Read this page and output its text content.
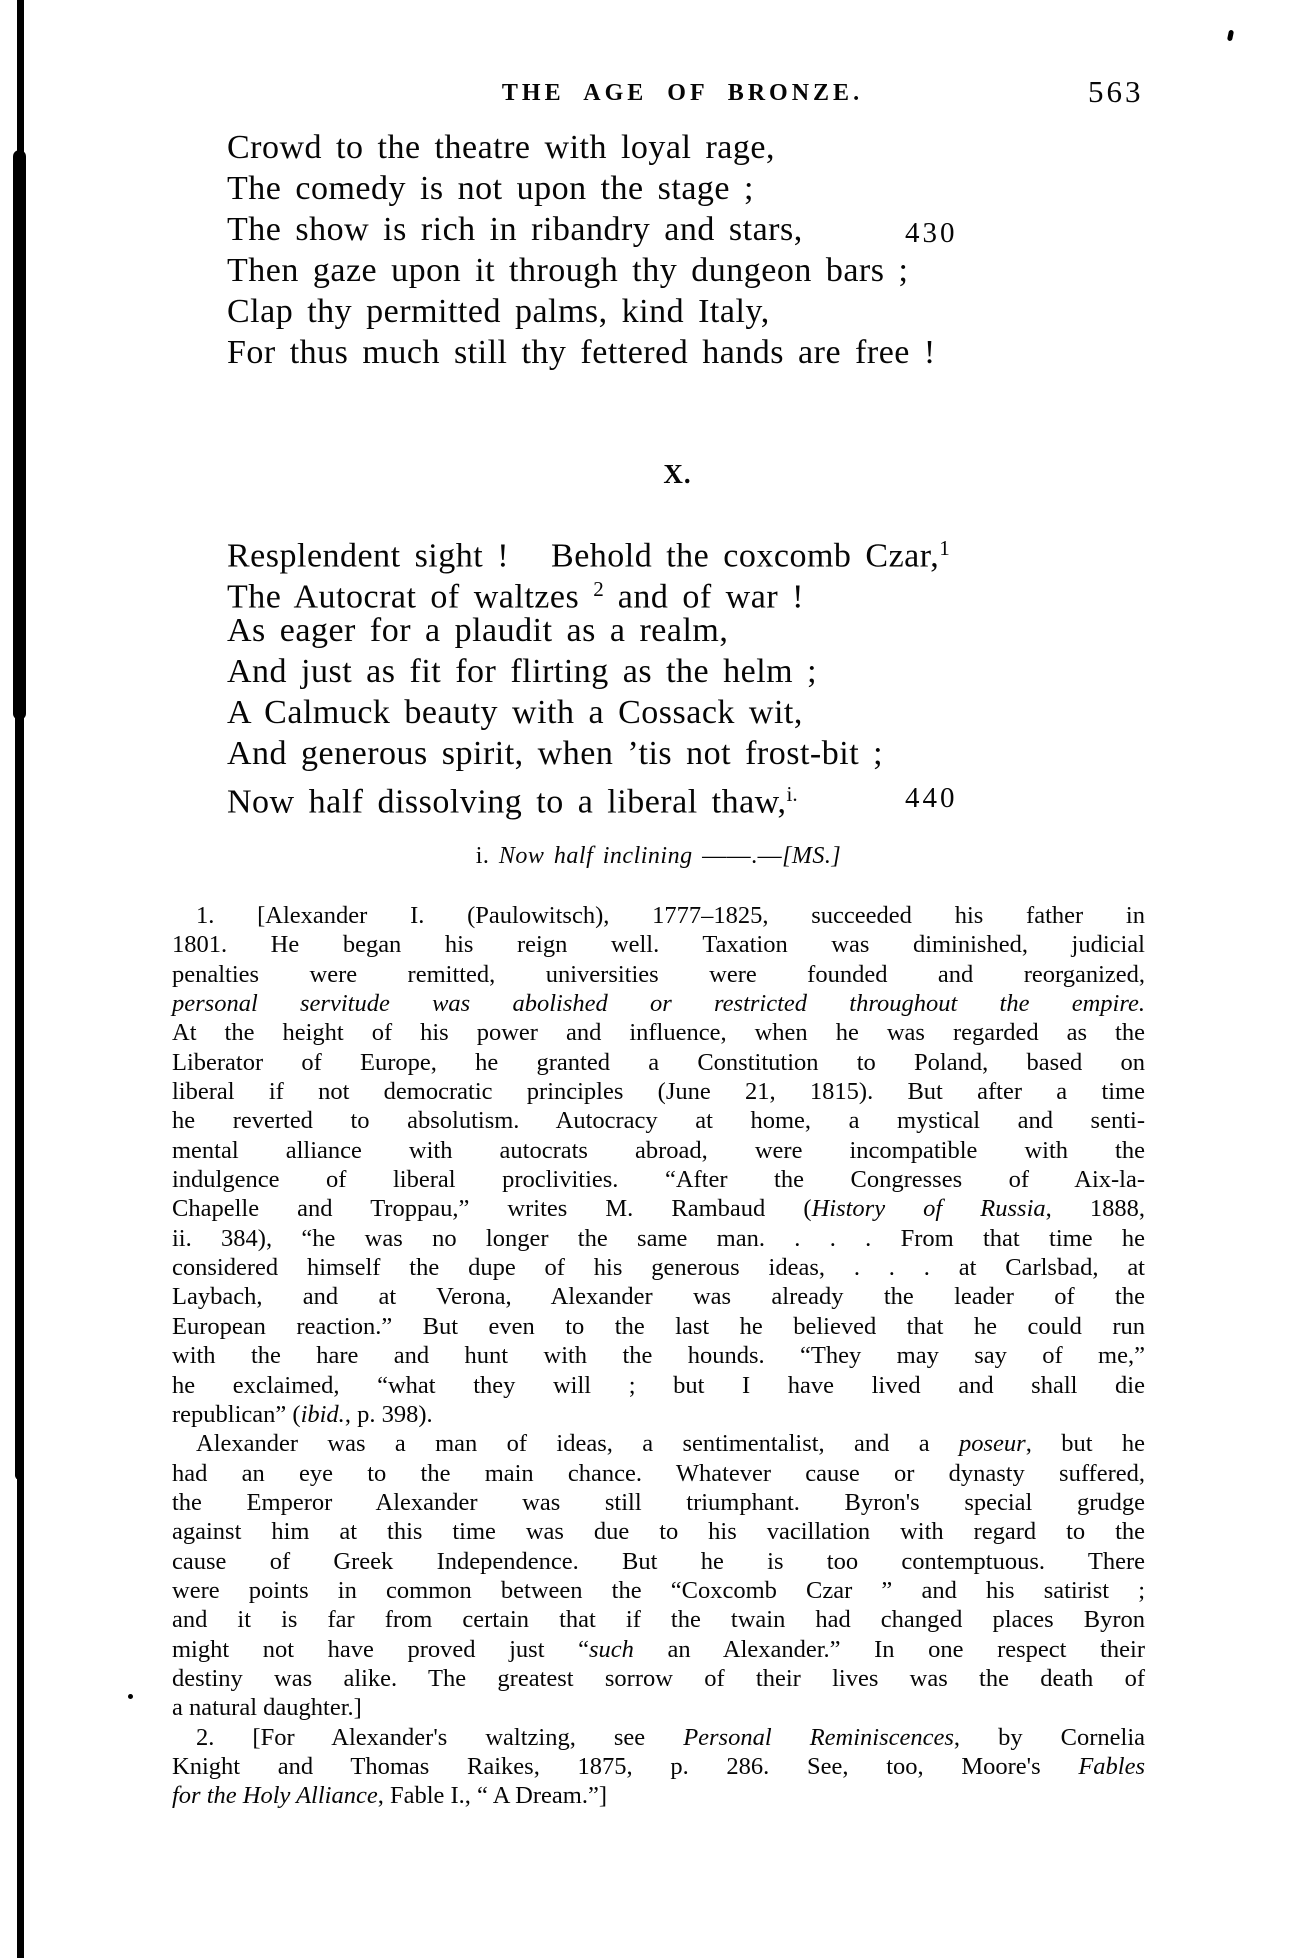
THE AGE OF BRONZE.	563
Crowd to the theatre with loyal rage,
The comedy is not upon the stage ;
The show is rich in ribandry and stars,	430
Then gaze upon it through thy dungeon bars ;
Clap thy permitted palms, kind Italy,
For thus much still thy fettered hands are free !
X.
Resplendent sight !   Behold the coxcomb Czar,$^1$
The Autocrat of waltzes $^2$ and of war !
As eager for a plaudit as a realm,
And just as fit for flirting as the helm ;
A Calmuck beauty with a Cossack wit,
And generous spirit, when ’tis not frost-bit ;
Now half dissolving to a liberal thaw,$^{i.}$	440
i. Now half inclining ——.—[MS.]
1. [Alexander I. (Paulowitsch), 1777–1825, succeeded his father in
1801. He began his reign well. Taxation was diminished, judicial
penalties were remitted, universities were founded and reorganized,
personal servitude was abolished or restricted throughout the empire.
At the height of his power and influence, when he was regarded as the
Liberator of Europe, he granted a Constitution to Poland, based on
liberal if not democratic principles (June 21, 1815). But after a time
he reverted to absolutism. Autocracy at home, a mystical and senti-
mental alliance with autocrats abroad, were incompatible with the
indulgence of liberal proclivities. “After the Congresses of Aix-la-
Chapelle and Troppau,” writes M. Rambaud (History of Russia, 1888,
ii. 384), “he was no longer the same man. . . . From that time he
considered himself the dupe of his generous ideas, . . . at Carlsbad, at
Laybach, and at Verona, Alexander was already the leader of the
European reaction.” But even to the last he believed that he could run
with the hare and hunt with the hounds. “They may say of me,”
he exclaimed, “what they will ; but I have lived and shall die
republican” (ibid., p. 398).
Alexander was a man of ideas, a sentimentalist, and a poseur, but he
had an eye to the main chance. Whatever cause or dynasty suffered,
the Emperor Alexander was still triumphant. Byron's special grudge
against him at this time was due to his vacillation with regard to the
cause of Greek Independence. But he is too contemptuous. There
were points in common between the “Coxcomb Czar ” and his satirist ;
and it is far from certain that if the twain had changed places Byron
might not have proved just “such an Alexander.” In one respect their
destiny was alike. The greatest sorrow of their lives was the death of
a natural daughter.]
2. [For Alexander's waltzing, see Personal Reminiscences, by Cornelia
Knight and Thomas Raikes, 1875, p. 286. See, too, Moore's Fables
for the Holy Alliance, Fable I., “ A Dream.”]
